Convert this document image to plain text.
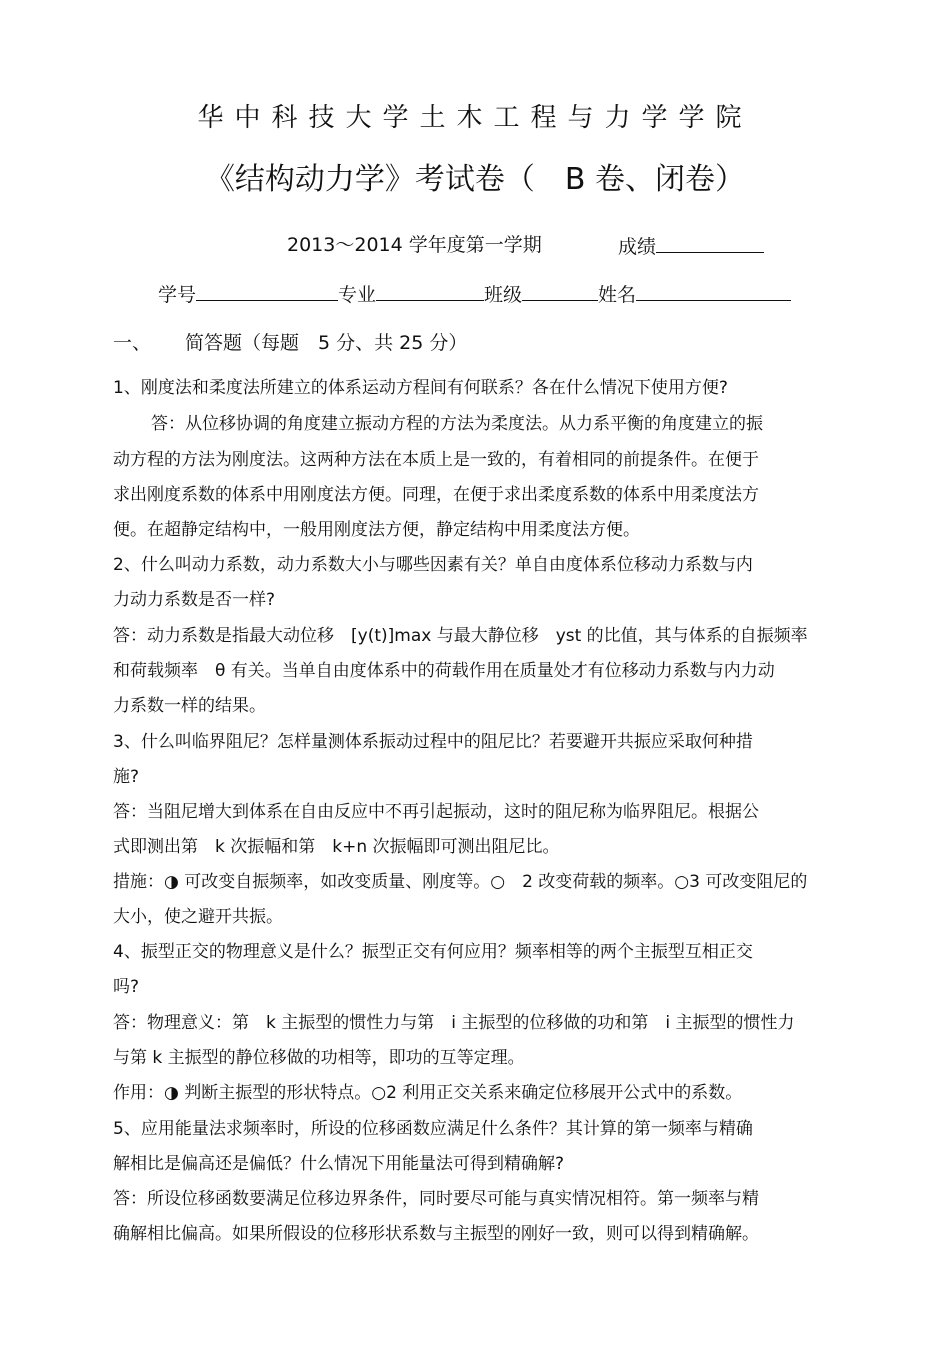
华中科技大学土木工程与力学学院
《结构动力学》考试卷（　B 卷、闭卷）
2013～2014 学年度第一学期	成绩
学号	专业	班级	姓名
一、 简答题（每题　5 分、共 25 分）
1、刚度法和柔度法所建立的体系运动方程间有何联系？各在什么情况下使用方便?
答：从位移协调的角度建立振动方程的方法为柔度法。从力系平衡的角度建立的振
动方程的方法为刚度法。这两种方法在本质上是一致的，有着相同的前提条件。在便于
求出刚度系数的体系中用刚度法方便。同理，在便于求出柔度系数的体系中用柔度法方
便。在超静定结构中，一般用刚度法方便，静定结构中用柔度法方便。
2、什么叫动力系数，动力系数大小与哪些因素有关？单自由度体系位移动力系数与内
力动力系数是否一样?
答：动力系数是指最大动位移　[y(t)]max 与最大静位移　yst 的比值，其与体系的自振频率
和荷载频率　θ 有关。当单自由度体系中的荷载作用在质量处才有位移动力系数与内力动
力系数一样的结果。
3、什么叫临界阻尼？怎样量测体系振动过程中的阻尼比？若要避开共振应采取何种措
施?
答：当阻尼增大到体系在自由反应中不再引起振动，这时的阻尼称为临界阻尼。根据公
式即测出第　k 次振幅和第　k+n 次振幅即可测出阻尼比。
措施：◑ 可改变自振频率，如改变质量、刚度等。○　2 改变荷载的频率。○3 可改变阻尼的
大小，使之避开共振。
4、振型正交的物理意义是什么？振型正交有何应用？频率相等的两个主振型互相正交
吗?
答：物理意义：第　k 主振型的惯性力与第　i 主振型的位移做的功和第　i 主振型的惯性力
与第 k 主振型的静位移做的功相等，即功的互等定理。
作用：◑ 判断主振型的形状特点。○2 利用正交关系来确定位移展开公式中的系数。
5、应用能量法求频率时，所设的位移函数应满足什么条件？其计算的第一频率与精确
解相比是偏高还是偏低？什么情况下用能量法可得到精确解?
答：所设位移函数要满足位移边界条件，同时要尽可能与真实情况相符。第一频率与精
确解相比偏高。如果所假设的位移形状系数与主振型的刚好一致，则可以得到精确解。
